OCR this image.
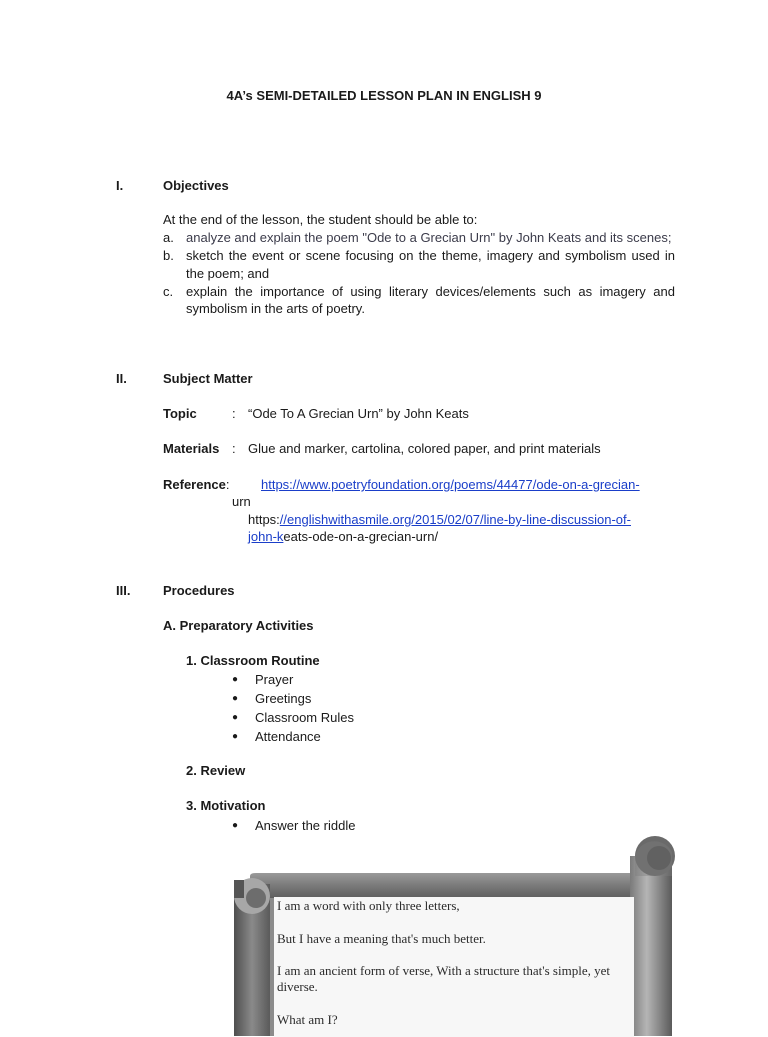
4A’s SEMI-DETAILED LESSON PLAN IN ENGLISH 9
I.	Objectives
At the end of the lesson, the student should be able to:
a. analyze and explain the poem "Ode to a Grecian Urn" by John Keats and its scenes;
b. sketch the event or scene focusing on the theme, imagery and symbolism used in the poem; and
c. explain the importance of using literary devices/elements such as imagery and symbolism in the arts of poetry.
II.	Subject Matter
Topic	: “Ode To A Grecian Urn” by John Keats
Materials : Glue and marker, cartolina, colored paper, and print materials
Reference: https://www.poetryfoundation.org/poems/44477/ode-on-a-grecian-
urn
https://englishwithasmile.org/2015/02/07/line-by-line-discussion-of-
john-keats-ode-on-a-grecian-urn/
III.	Procedures
A. Preparatory Activities
1. Classroom Routine
● Prayer
● Greetings
● Classroom Rules
● Attendance
2. Review
3. Motivation
● Answer the riddle

I am a word with only three letters,

But I have a meaning that's much better.

I am an ancient form of verse, With a structure that's simple, yet diverse.

What am I?
